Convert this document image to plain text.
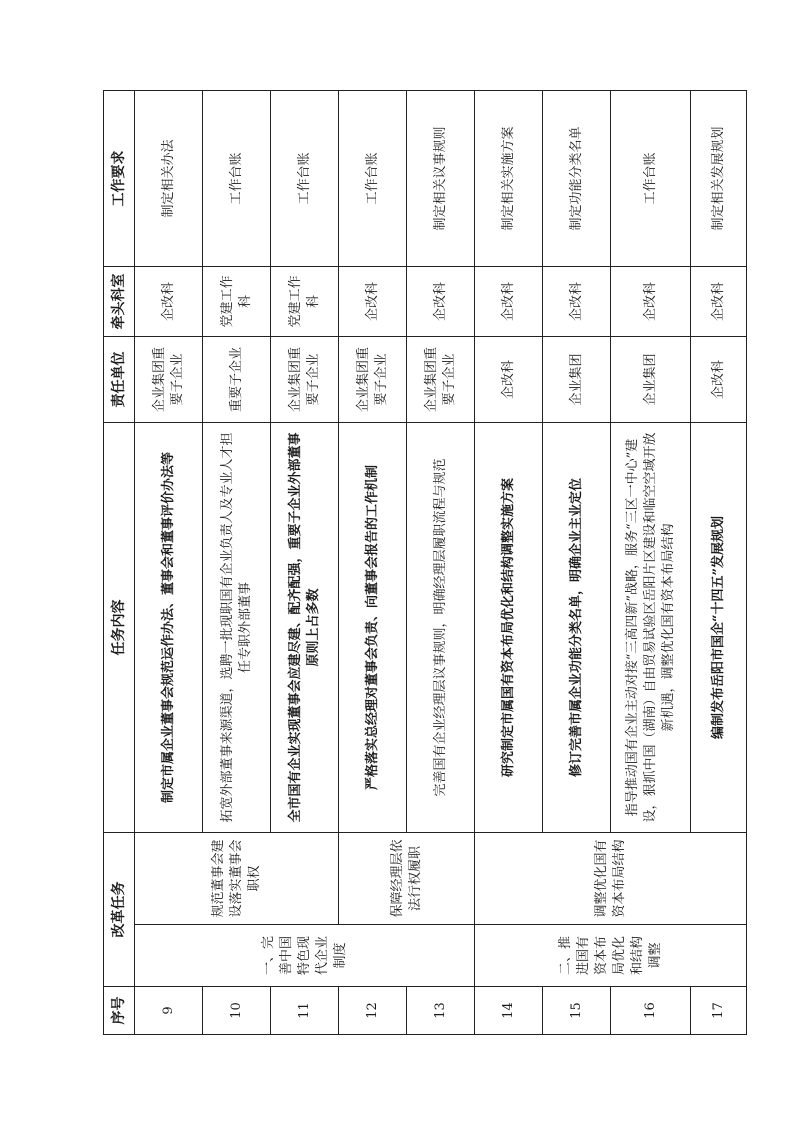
序号	改革任务		任务内容	责任单位	牵头科室	工作要求
9	一、完善中国特色现代企业制度	规范董事会建设落实董事会职权	制定市属企业董事会规范运作办法、董事会和董事评价办法等	企业集团重要子企业	企改科	制定相关办法
10			拓宽外部董事来源渠道，选聘一批现职国有企业负责人及专业人才担任专职外部董事	重要子企业	党建工作科	工作台账
11			全市国有企业实现董事会应建尽建、配齐配强，重要子企业外部董事原则上占多数	企业集团重要子企业	党建工作科	工作台账
12		保障经理层依法行权履职	严格落实总经理对董事会负责、向董事会报告的工作机制	企业集团重要子企业	企改科	工作台账
13			完善国有企业经理层议事规则，明确经理层履职流程与规范	企业集团重要子企业	企改科	制定相关议事规则
14	二、推进国有资本布局优化和结构调整	调整优化国有资本布局结构	研究制定市属国有资本布局优化和结构调整实施方案	企改科	企改科	制定相关实施方案
15			修订完善市属企业功能分类名单，明确企业主业定位	企业集团	企改科	制定功能分类名单
16			指导推动国有企业主动对接“三高四新”战略，服务“三区一中心”建设，狠抓中国（湖南）自由贸易试验区岳阳片区建设和临空空域开放新机遇，调整优化国有资本布局结构	企业集团	企改科	工作台账
17			编制发布岳阳市国企“十四五”发展规划	企改科	企改科	制定相关发展规划
